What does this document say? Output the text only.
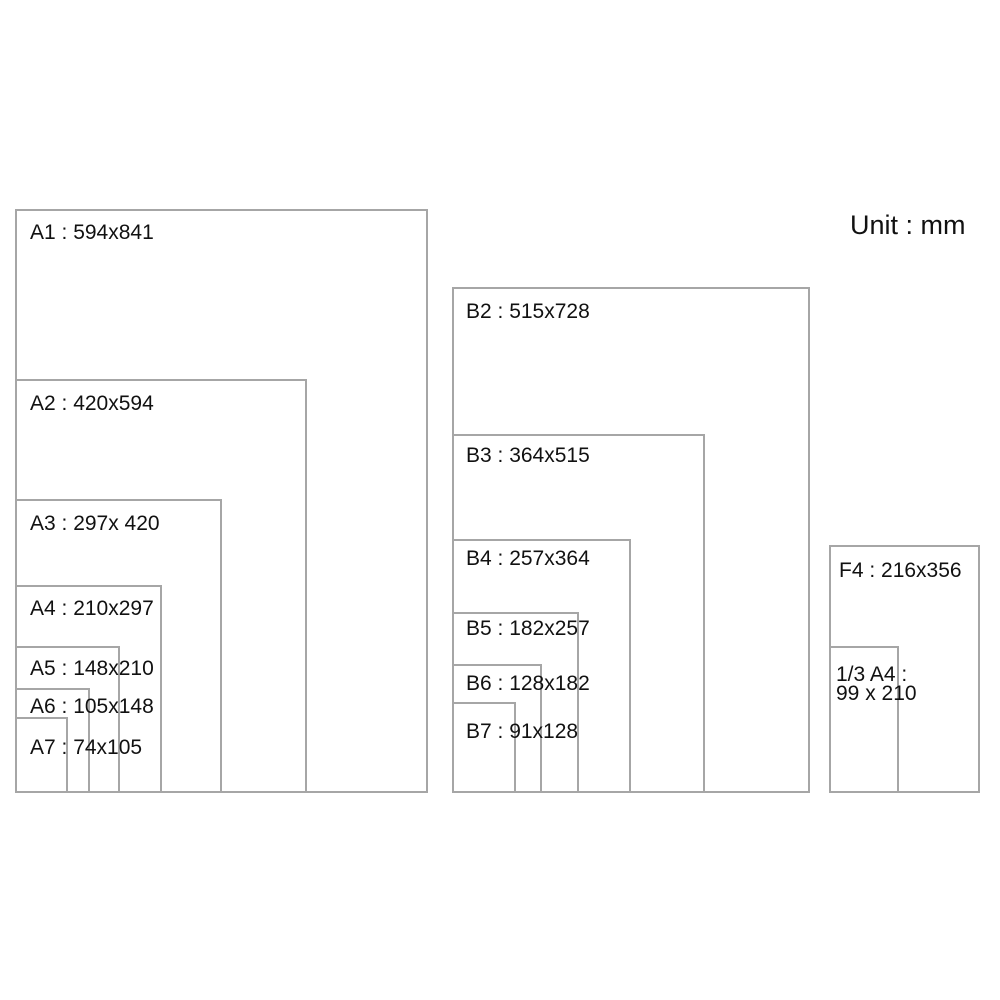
Unit : mm
A1 : 594x841
A2 : 420x594
A3 : 297x 420
A4 : 210x297
A5 : 148x210
A6 : 105x148
A7 : 74x105
B2 : 515x728
B3 : 364x515
B4 : 257x364
B5 : 182x257
B6 : 128x182
B7 : 91x128
F4 : 216x356
1/3 A4 :
99 x 210
